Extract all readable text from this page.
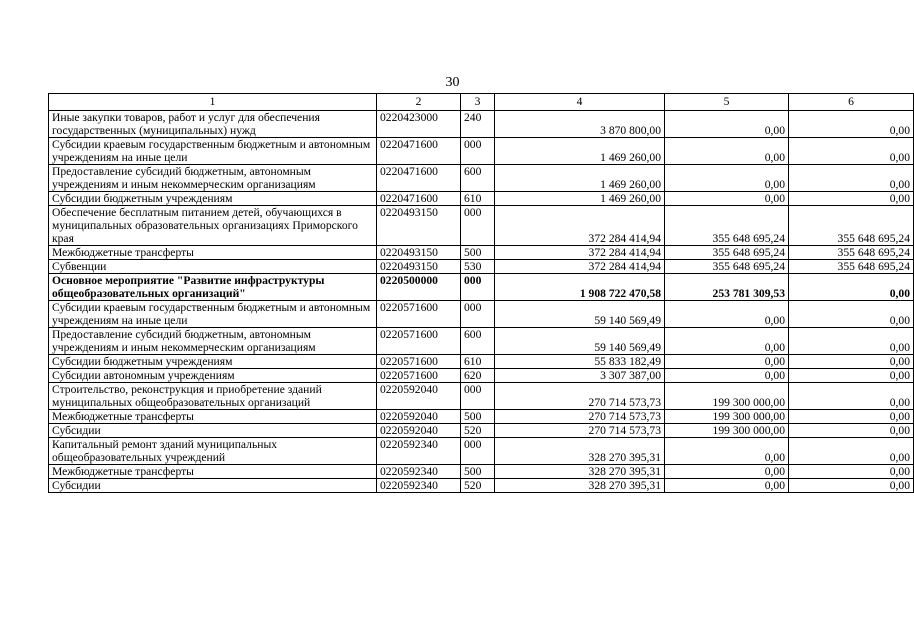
30
1	2	3	4	5	6
Иные закупки товаров, работ и услуг для обеспечения государственных (муниципальных) нужд	0220423000	240	3 870 800,00	0,00	0,00
Субсидии краевым государственным бюджетным и автономным учреждениям на иные цели	0220471600	000	1 469 260,00	0,00	0,00
Предоставление субсидий бюджетным, автономным учреждениям и иным некоммерческим организациям	0220471600	600	1 469 260,00	0,00	0,00
Субсидии бюджетным учреждениям	0220471600	610	1 469 260,00	0,00	0,00
Обеспечение бесплатным питанием детей, обучающихся в муниципальных образовательных организациях Приморского края	0220493150	000	372 284 414,94	355 648 695,24	355 648 695,24
Межбюджетные трансферты	0220493150	500	372 284 414,94	355 648 695,24	355 648 695,24
Субвенции	0220493150	530	372 284 414,94	355 648 695,24	355 648 695,24
Основное мероприятие "Развитие инфраструктуры общеобразовательных организаций"	0220500000	000	1 908 722 470,58	253 781 309,53	0,00
Субсидии краевым государственным бюджетным и автономным учреждениям на иные цели	0220571600	000	59 140 569,49	0,00	0,00
Предоставление субсидий бюджетным, автономным учреждениям и иным некоммерческим организациям	0220571600	600	59 140 569,49	0,00	0,00
Субсидии бюджетным учреждениям	0220571600	610	55 833 182,49	0,00	0,00
Субсидии автономным учреждениям	0220571600	620	3 307 387,00	0,00	0,00
Строительство, реконструкция и приобретение зданий муниципальных общеобразовательных организаций	0220592040	000	270 714 573,73	199 300 000,00	0,00
Межбюджетные трансферты	0220592040	500	270 714 573,73	199 300 000,00	0,00
Субсидии	0220592040	520	270 714 573,73	199 300 000,00	0,00
Капитальный ремонт зданий муниципальных общеобразовательных учреждений	0220592340	000	328 270 395,31	0,00	0,00
Межбюджетные трансферты	0220592340	500	328 270 395,31	0,00	0,00
Субсидии	0220592340	520	328 270 395,31	0,00	0,00
